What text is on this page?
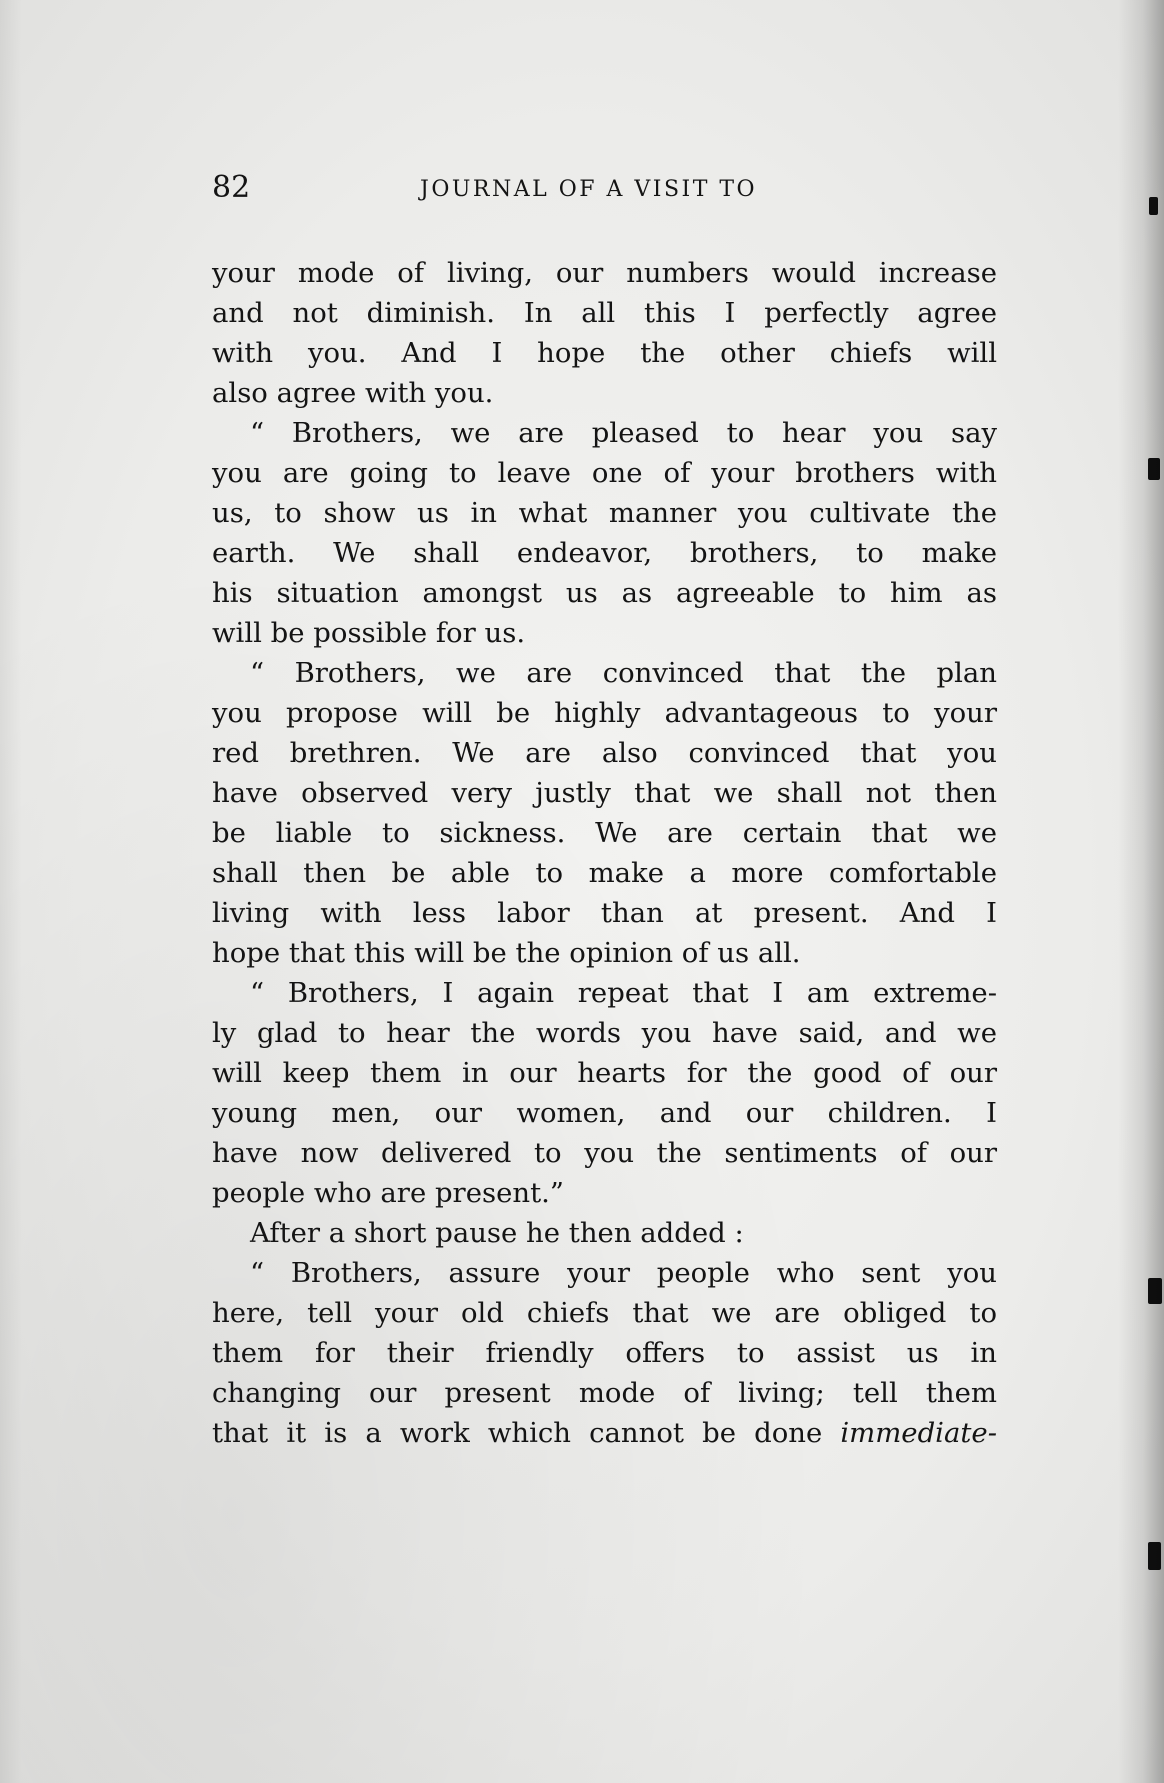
82	JOURNAL OF A VISIT TO
your mode of living, our numbers would increase
and not diminish. In all this I perfectly agree
with you. And I hope the other chiefs will
also agree with you.
“ Brothers, we are pleased to hear you say
you are going to leave one of your brothers with
us, to show us in what manner you cultivate the
earth. We shall endeavor, brothers, to make
his situation amongst us as agreeable to him as
will be possible for us.
“ Brothers, we are convinced that the plan
you propose will be highly advantageous to your
red brethren. We are also convinced that you
have observed very justly that we shall not then
be liable to sickness. We are certain that we
shall then be able to make a more comfortable
living with less labor than at present. And I
hope that this will be the opinion of us all.
“ Brothers, I again repeat that I am extreme-
ly glad to hear the words you have said, and we
will keep them in our hearts for the good of our
young men, our women, and our children. I
have now delivered to you the sentiments of our
people who are present.”
After a short pause he then added :
“ Brothers, assure your people who sent you
here, tell your old chiefs that we are obliged to
them for their friendly offers to assist us in
changing our present mode of living; tell them
that it is a work which cannot be done immediate-
